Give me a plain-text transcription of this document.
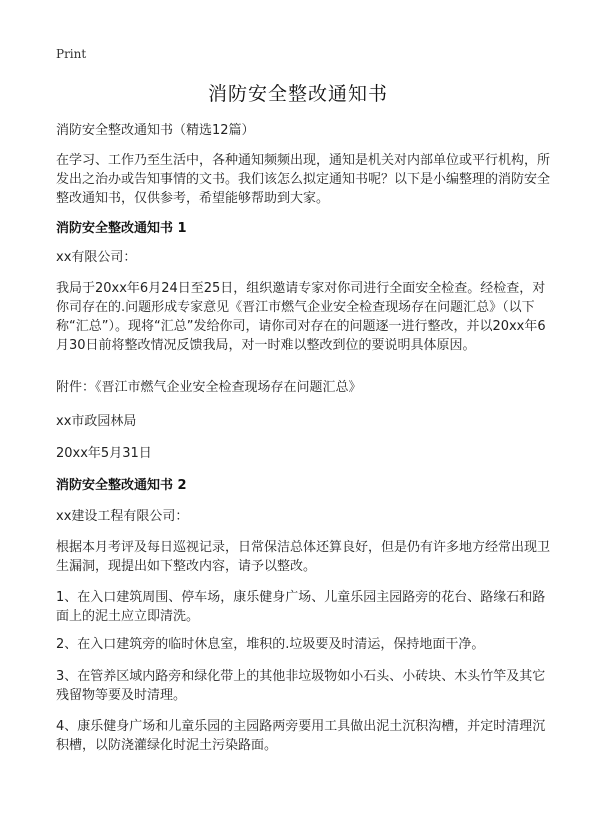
Print
消防安全整改通知书

消防安全整改通知书（精选12篇）

在学习、工作乃至生活中，各种通知频频出现，通知是机关对内部单位或平行机构，所发出之治办或告知事情的文书。我们该怎么拟定通知书呢？以下是小编整理的消防安全整改通知书，仅供参考，希望能够帮助到大家。

消防安全整改通知书 1

xx有限公司：

我局于20xx年6月24日至25日，组织邀请专家对你司进行全面安全检查。经检查，对你司存在的.问题形成专家意见《晋江市燃气企业安全检查现场存在问题汇总》（以下称“汇总”）。现将“汇总”发给你司，请你司对存在的问题逐一进行整改，并以20xx年6月30日前将整改情况反馈我局，对一时难以整改到位的要说明具体原因。

附件：《晋江市燃气企业安全检查现场存在问题汇总》

xx市政园林局

20xx年5月31日

消防安全整改通知书 2

xx建设工程有限公司：

根据本月考评及每日巡视记录，日常保洁总体还算良好，但是仍有许多地方经常出现卫生漏洞，现提出如下整改内容，请予以整改。

1、在入口建筑周围、停车场，康乐健身广场、儿童乐园主园路旁的花台、路缘石和路面上的泥土应立即清洗。

2、在入口建筑旁的临时休息室，堆积的.垃圾要及时清运，保持地面干净。

3、在管养区域内路旁和绿化带上的其他非垃圾物如小石头、小砖块、木头竹竿及其它残留物等要及时清理。

4、康乐健身广场和儿童乐园的主园路两旁要用工具做出泥土沉积沟槽，并定时清理沉积槽，以防浇灌绿化时泥土污染路面。
